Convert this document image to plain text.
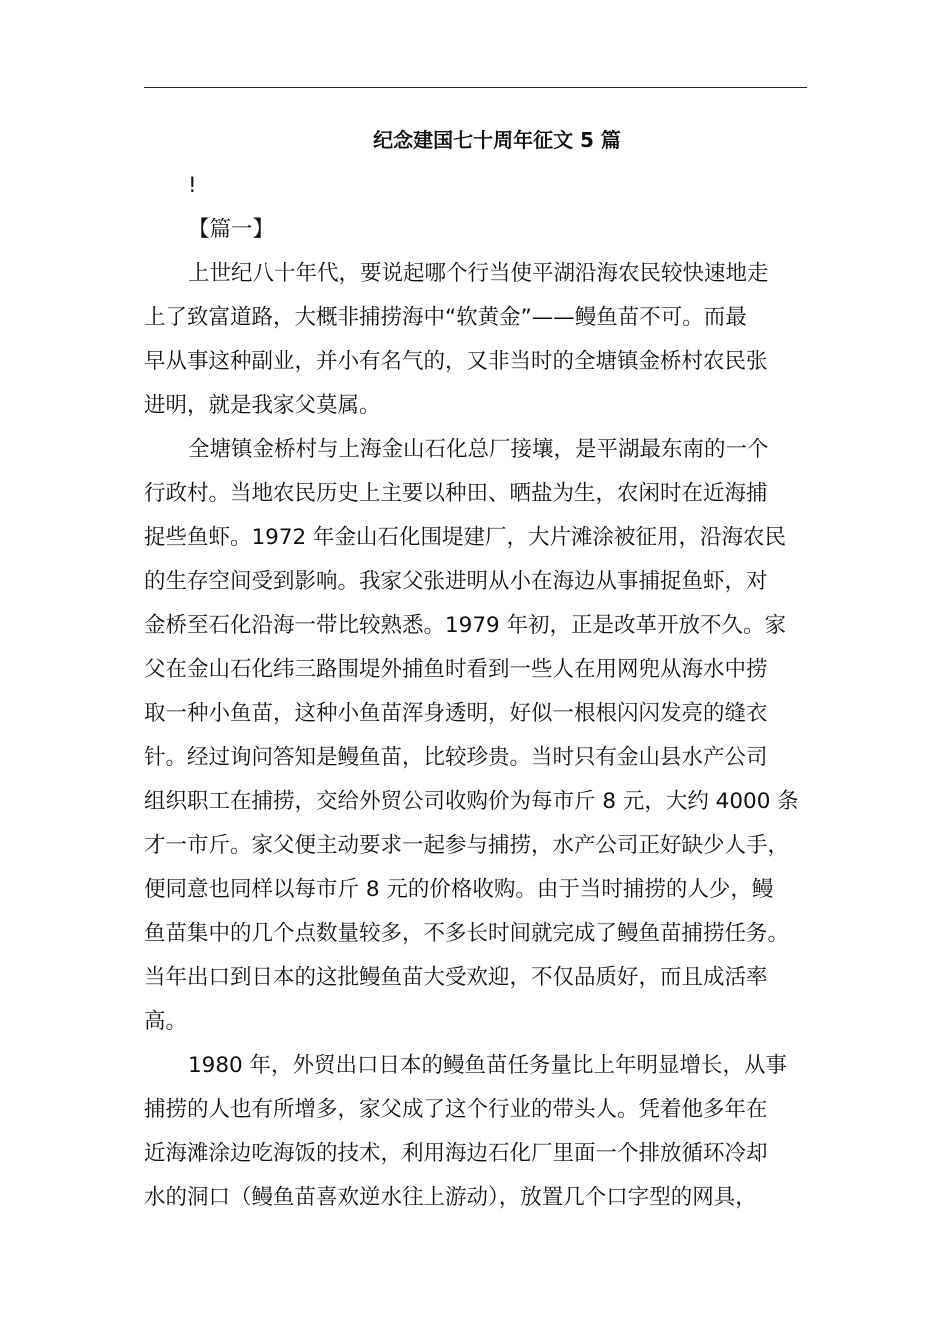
纪念建国七十周年征文 5 篇

!

【篇一】

上世纪八十年代，要说起哪个行当使平湖沿海农民较快速地走

上了致富道路，大概非捕捞海中“软黄金”——鳗鱼苗不可。而最

早从事这种副业，并小有名气的，又非当时的全塘镇金桥村农民张

进明，就是我家父莫属。

全塘镇金桥村与上海金山石化总厂接壤，是平湖最东南的一个

行政村。当地农民历史上主要以种田、晒盐为生，农闲时在近海捕

捉些鱼虾。1972 年金山石化围堤建厂，大片滩涂被征用，沿海农民

的生存空间受到影响。我家父张进明从小在海边从事捕捉鱼虾，对

金桥至石化沿海一带比较熟悉。1979 年初，正是改革开放不久。家

父在金山石化纬三路围堤外捕鱼时看到一些人在用网兜从海水中捞

取一种小鱼苗，这种小鱼苗浑身透明，好似一根根闪闪发亮的缝衣

针。经过询问答知是鳗鱼苗，比较珍贵。当时只有金山县水产公司

组织职工在捕捞，交给外贸公司收购价为每市斤 8 元，大约 4000 条

才一市斤。家父便主动要求一起参与捕捞，水产公司正好缺少人手，

便同意也同样以每市斤 8 元的价格收购。由于当时捕捞的人少，鳗

鱼苗集中的几个点数量较多，不多长时间就完成了鳗鱼苗捕捞任务。

当年出口到日本的这批鳗鱼苗大受欢迎，不仅品质好，而且成活率

高。

1980 年，外贸出口日本的鳗鱼苗任务量比上年明显增长，从事

捕捞的人也有所增多，家父成了这个行业的带头人。凭着他多年在

近海滩涂边吃海饭的技术，利用海边石化厂里面一个排放循环冷却

水的洞口（鳗鱼苗喜欢逆水往上游动），放置几个口字型的网具，
